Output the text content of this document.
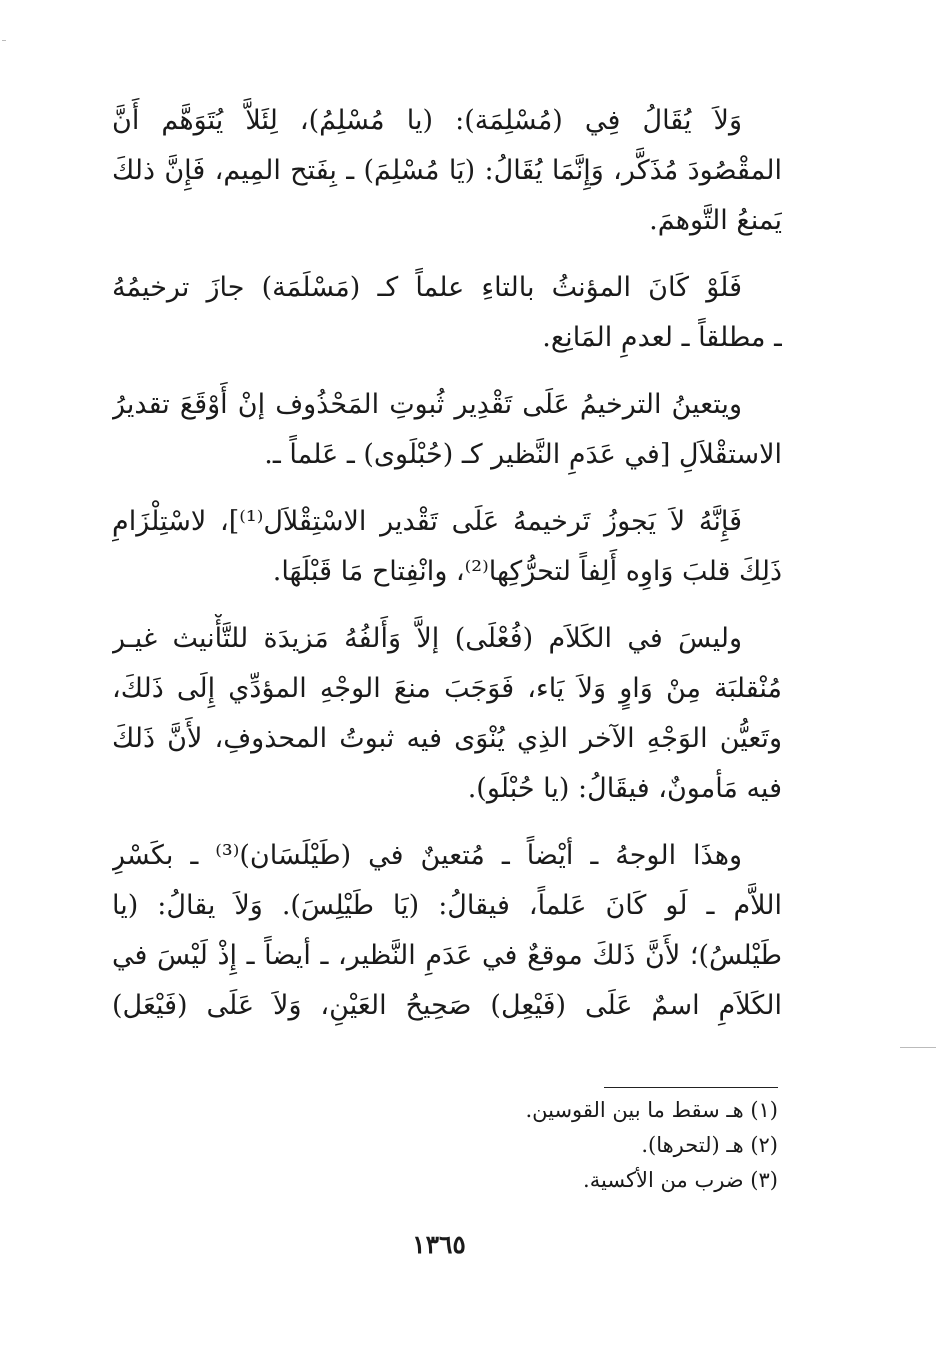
وَلاَ يُقَالُ فِي (مُسْلِمَة): (يا مُسْلِمُ)، لِئَلاَّ يُتَوَهَّم أَنَّ
المقْصُودَ مُذَكَّر، وَإِنَّمَا يُقَالُ: (يَا مُسْلِمَ) ـ بِفَتح المِيم، فَإِنَّ ذلكَ
يَمنعُ التَّوهمَ.

فَلَوْ كَانَ المؤنثُ بالتاءِ علماً كـ (مَسْلَمَة) جازَ ترخيمُهُ
ـ مطلقاً ـ لعدمِ المَانِع.

ويتعينُ الترخيمُ عَلَى تَقْدِير ثُبوتِ المَحْذُوف إنْ أَوْقَعَ تقديرُ
الاستقْلاَلِ [في عَدَمِ النَّظير كـ (حُبْلَوى) ـ عَلماً ـ.

فَإِنَّهُ لاَ يَجوزُ تَرخيمهُ عَلَى تَقْدير الاسْتِقْلاَل⁽¹⁾]، لاسْتِلْزَامِ
ذَلِكَ قلبَ وَاوِه أَلِفاً لتحرُّكِها⁽²⁾، وانْفِتاح مَا قَبْلَهَا.

وليسَ في الكَلاَم (فُعْلَى) إلاَّ وَأَلفُهُ مَزيدَة للتَّأْنيث غيـر
مُنْقلبَة مِنْ وَاوٍ وَلاَ يَاء، فَوَجَبَ منعَ الوجْهِ المؤدِّي إِلَى ذَلكَ،
وتَعيُّن الوَجْهِ الآخر الذِي يُنْوَى فيه ثبوتُ المحذوفِ، لأَنَّ ذَلكَ
فيه مَأمونٌ، فيقَالُ: (يا حُبْلَو).

وهذَا الوجهُ ـ أيْضاً ـ مُتعينٌ في (طَيْلَسَان)⁽³⁾ ـ بكَسْرِ
اللاَّم ـ لَو كَانَ عَلماً، فيقالُ: (يَا طَيْلِسَ). وَلاَ يقالُ: (يا
طَيْلسُ)؛ لأَنَّ ذَلكَ موقعٌ في عَدَمِ النَّظير، ـ أيضاً ـ إِذْ لَيْسَ في
الكَلاَمِ اسمٌ عَلَى (فَيْعِل) صَحِيحُ العَيْنِ، وَلاَ عَلَى (فَيْعَل)

(١) هـ سقط ما بين القوسين.
(٢) هـ (لتحرها).
(٣) ضرب من الأكسية.
١٣٦٥
